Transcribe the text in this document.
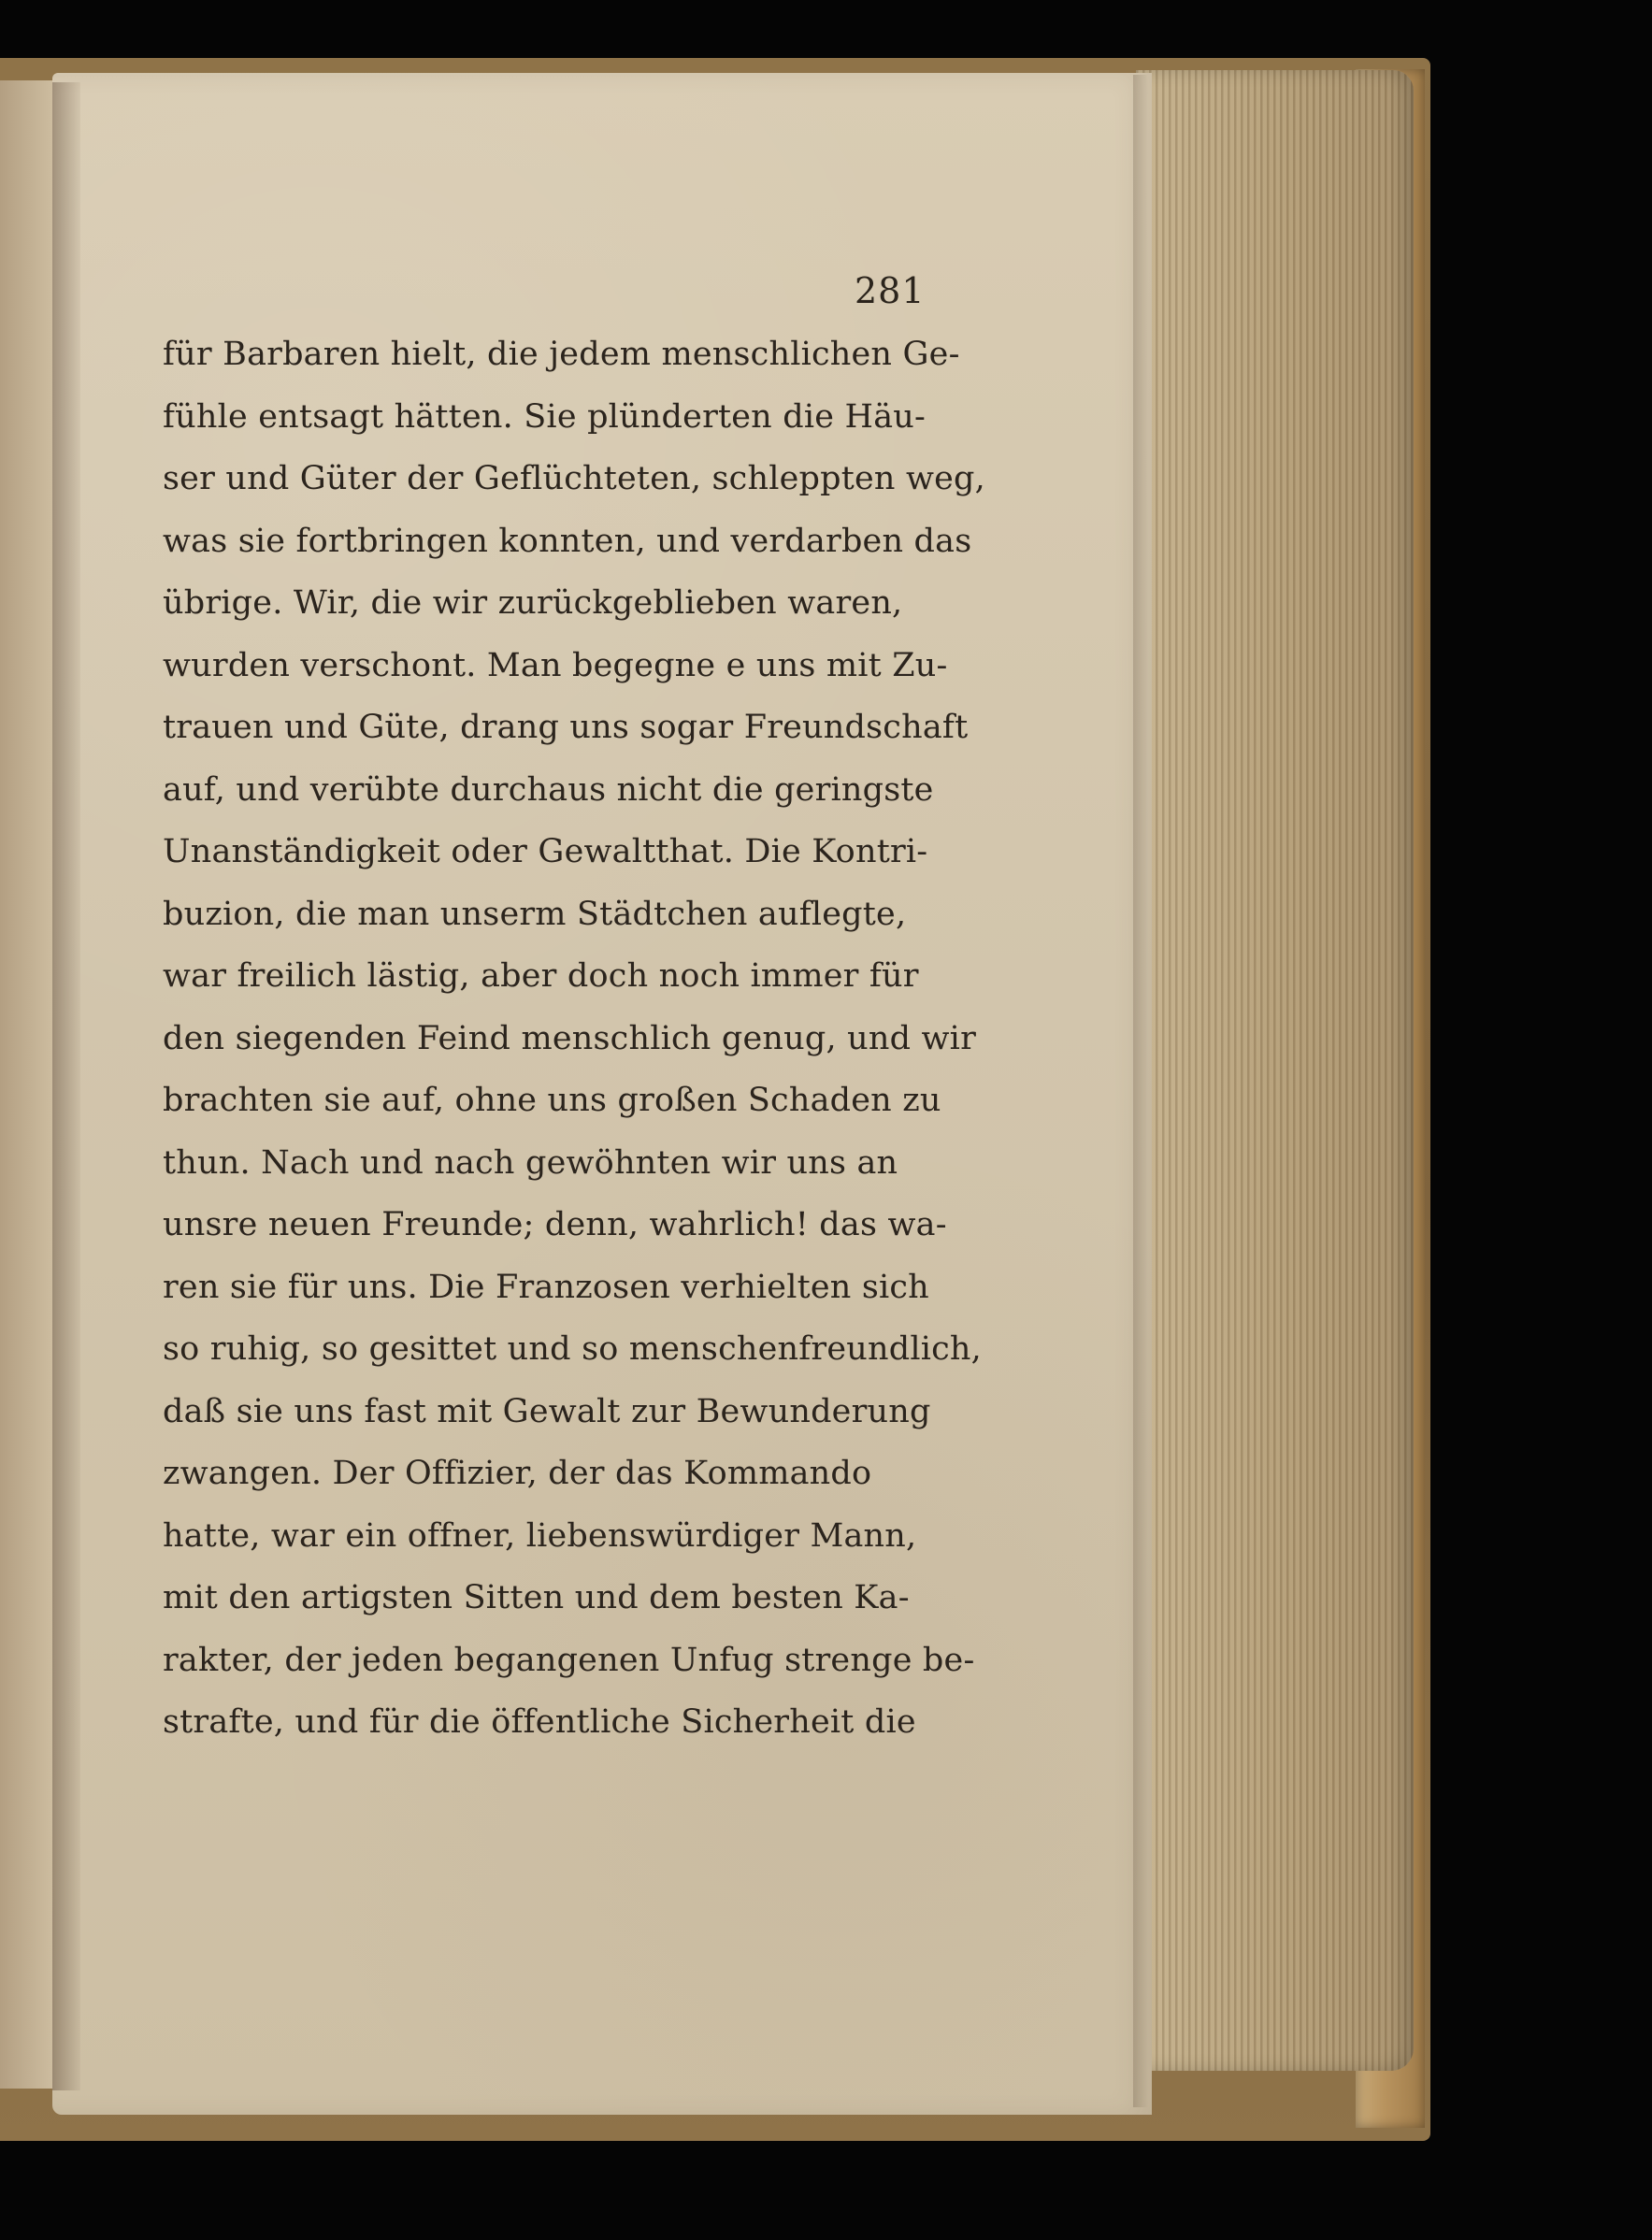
281
für Barbaren hielt, die jedem menschlichen Ge-
fühle entsagt hätten. Sie plünderten die Häu-
ser und Güter der Geflüchteten, schleppten weg,
was sie fortbringen konnten, und verdarben das
übrige. Wir, die wir zurückgeblieben waren,
wurden verschont. Man begegne e uns mit Zu-
trauen und Güte, drang uns sogar Freundschaft
auf, und verübte durchaus nicht die geringste
Unanständigkeit oder Gewaltthat. Die Kontri-
buzion, die man unserm Städtchen auflegte,
war freilich lästig, aber doch noch immer für
den siegenden Feind menschlich genug, und wir
brachten sie auf, ohne uns großen Schaden zu
thun. Nach und nach gewöhnten wir uns an
unsre neuen Freunde; denn, wahrlich! das wa-
ren sie für uns. Die Franzosen verhielten sich
so ruhig, so gesittet und so menschenfreundlich,
daß sie uns fast mit Gewalt zur Bewunderung
zwangen. Der Offizier, der das Kommando
hatte, war ein offner, liebenswürdiger Mann,
mit den artigsten Sitten und dem besten Ka-
rakter, der jeden begangenen Unfug strenge be-
strafte, und für die öffentliche Sicherheit die
